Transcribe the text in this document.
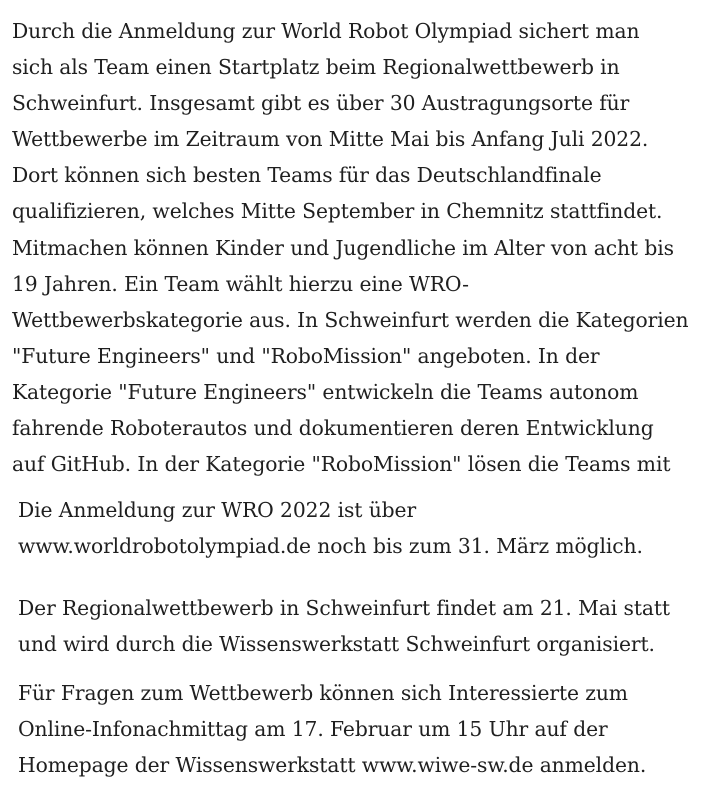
Durch die Anmeldung zur World Robot Olympiad sichert man
sich als Team einen Startplatz beim Regionalwettbewerb in
Schweinfurt. Insgesamt gibt es über 30 Austragungsorte für
Wettbewerbe im Zeitraum von Mitte Mai bis Anfang Juli 2022.
Dort können sich besten Teams für das Deutschlandfinale
qualifizieren, welches Mitte September in Chemnitz stattfindet.
Mitmachen können Kinder und Jugendliche im Alter von acht bis
19 Jahren. Ein Team wählt hierzu eine WRO-
Wettbewerbskategorie aus. In Schweinfurt werden die Kategorien
"Future Engineers" und "RoboMission" angeboten. In der
Kategorie "Future Engineers" entwickeln die Teams autonom
fahrende Roboterautos und dokumentieren deren Entwicklung
auf GitHub. In der Kategorie "RoboMission" lösen die Teams mit

Die Anmeldung zur WRO 2022 ist über
www.worldrobotolympiad.de noch bis zum 31. März möglich.

Der Regionalwettbewerb in Schweinfurt findet am 21. Mai statt
und wird durch die Wissenswerkstatt Schweinfurt organisiert.

Für Fragen zum Wettbewerb können sich Interessierte zum
Online-Infonachmittag am 17. Februar um 15 Uhr auf der
Homepage der Wissenswerkstatt www.wiwe-sw.de anmelden.
